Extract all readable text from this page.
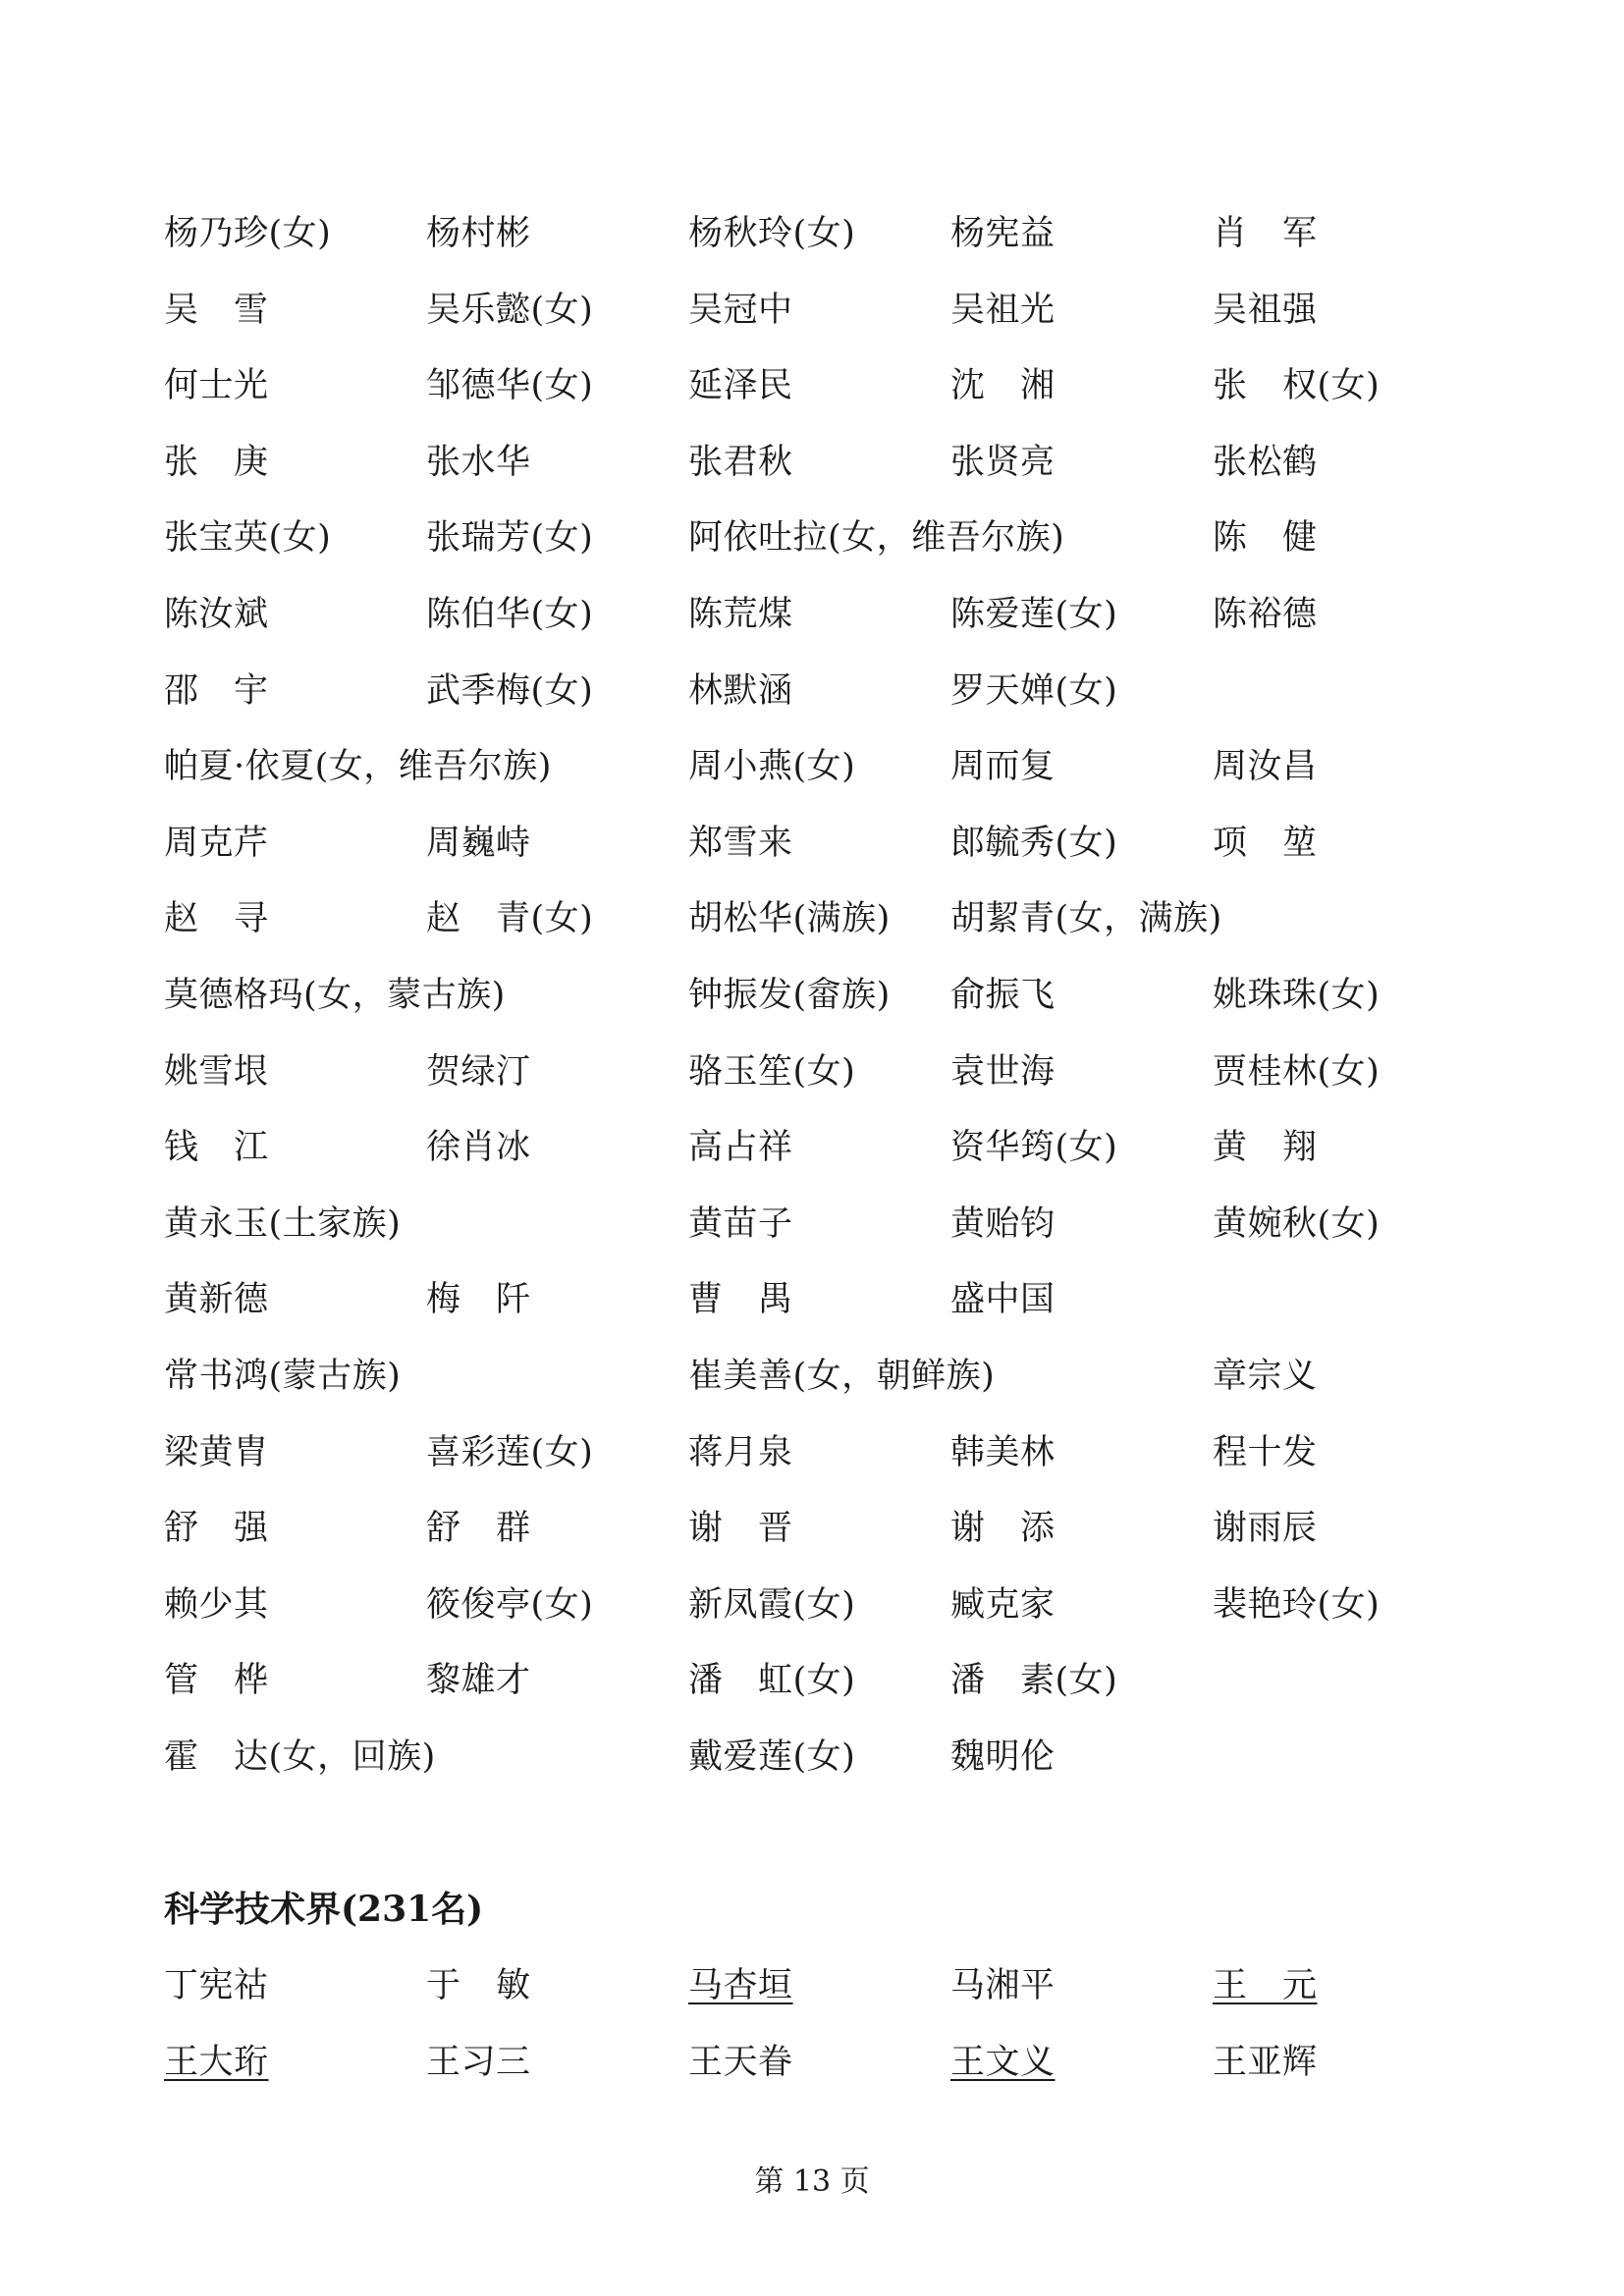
杨乃珍(女)	杨村彬	杨秋玲(女)	杨宪益	肖　军
吴　雪	吴乐懿(女)	吴冠中	吴祖光	吴祖强
何士光	邹德华(女)	延泽民	沈　湘	张　权(女)
张　庚	张水华	张君秋	张贤亮	张松鹤
张宝英(女)	张瑞芳(女)	阿依吐拉(女，维吾尔族)	陈　健
陈汝斌	陈伯华(女)	陈荒煤	陈爱莲(女)	陈裕德
邵　宇	武季梅(女)	林默涵	罗天婵(女)
帕夏·依夏(女，维吾尔族)	周小燕(女)	周而复	周汝昌
周克芹	周巍峙	郑雪来	郎毓秀(女)	项　堃
赵　寻	赵　青(女)	胡松华(满族) 胡絜青(女，满族)
莫德格玛(女，蒙古族)	钟振发(畲族) 俞振飞	姚珠珠(女)
姚雪垠	贺绿汀	骆玉笙(女)	袁世海	贾桂林(女)
钱　江	徐肖冰	高占祥	资华筠(女)	黄　翔
黄永玉(土家族)	黄苗子	黄贻钧	黄婉秋(女)
黄新德	梅　阡	曹　禺	盛中国
常书鸿(蒙古族)	崔美善(女，朝鲜族)	章宗义
梁黄胄	喜彩莲(女)	蒋月泉	韩美林	程十发
舒　强	舒　群	谢　晋	谢　添	谢雨辰
赖少其	筱俊亭(女)	新凤霞(女)	臧克家	裴艳玲(女)
管　桦	黎雄才	潘　虹(女)	潘　素(女)
霍　达(女，回族)	戴爱莲(女)	魏明伦
科学技术界(231名)
丁宪祜	于　敏	马杏垣	马湘平	王　元
王大珩	王习三	王天眷	王文义	王亚辉
第 13 页
